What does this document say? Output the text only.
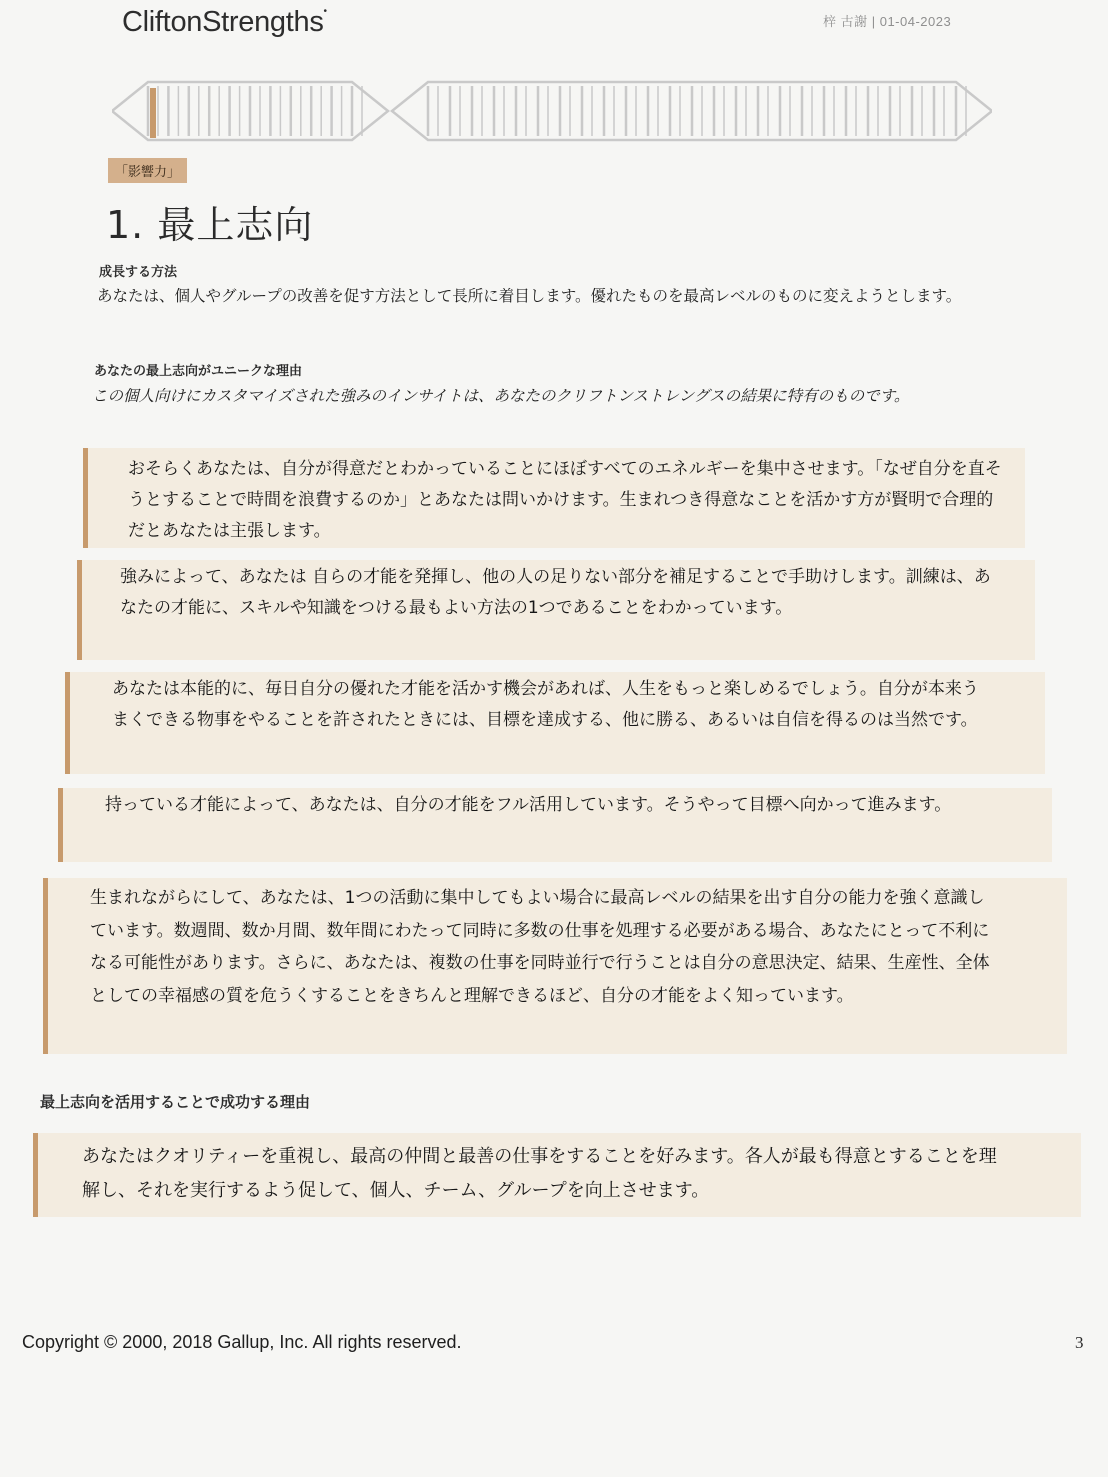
CliftonStrengths•
梓 古謝 | 01-04-2023
「影響力」
1. 最上志向
成長する方法
あなたは、個人やグループの改善を促す方法として長所に着目します。優れたものを最高レベルのものに変えようとします。
あなたの最上志向がユニークな理由
この個人向けにカスタマイズされた強みのインサイトは、あなたのクリフトンストレングスの結果に特有のものです。
おそらくあなたは、自分が得意だとわかっていることにほぼすべてのエネルギーを集中させます。「なぜ自分を直そうとすることで時間を浪費するのか」とあなたは問いかけます。生まれつき得意なことを活かす方が賢明で合理的だとあなたは主張します。
強みによって、あなたは 自らの才能を発揮し、他の人の足りない部分を補足することで手助けします。訓練は、あなたの才能に、スキルや知識をつける最もよい方法の1つであることをわかっています。
あなたは本能的に、毎日自分の優れた才能を活かす機会があれば、人生をもっと楽しめるでしょう。自分が本来うまくできる物事をやることを許されたときには、目標を達成する、他に勝る、あるいは自信を得るのは当然です。
持っている才能によって、あなたは、自分の才能をフル活用しています。そうやって目標へ向かって進みます。
生まれながらにして、あなたは、1つの活動に集中してもよい場合に最高レベルの結果を出す自分の能力を強く意識しています。数週間、数か月間、数年間にわたって同時に多数の仕事を処理する必要がある場合、あなたにとって不利になる可能性があります。さらに、あなたは、複数の仕事を同時並行で行うことは自分の意思決定、結果、生産性、全体としての幸福感の質を危うくすることをきちんと理解できるほど、自分の才能をよく知っています。
最上志向を活用することで成功する理由
あなたはクオリティーを重視し、最高の仲間と最善の仕事をすることを好みます。各人が最も得意とすることを理解し、それを実行するよう促して、個人、チーム、グループを向上させます。
Copyright © 2000, 2018 Gallup, Inc. All rights reserved.	3
